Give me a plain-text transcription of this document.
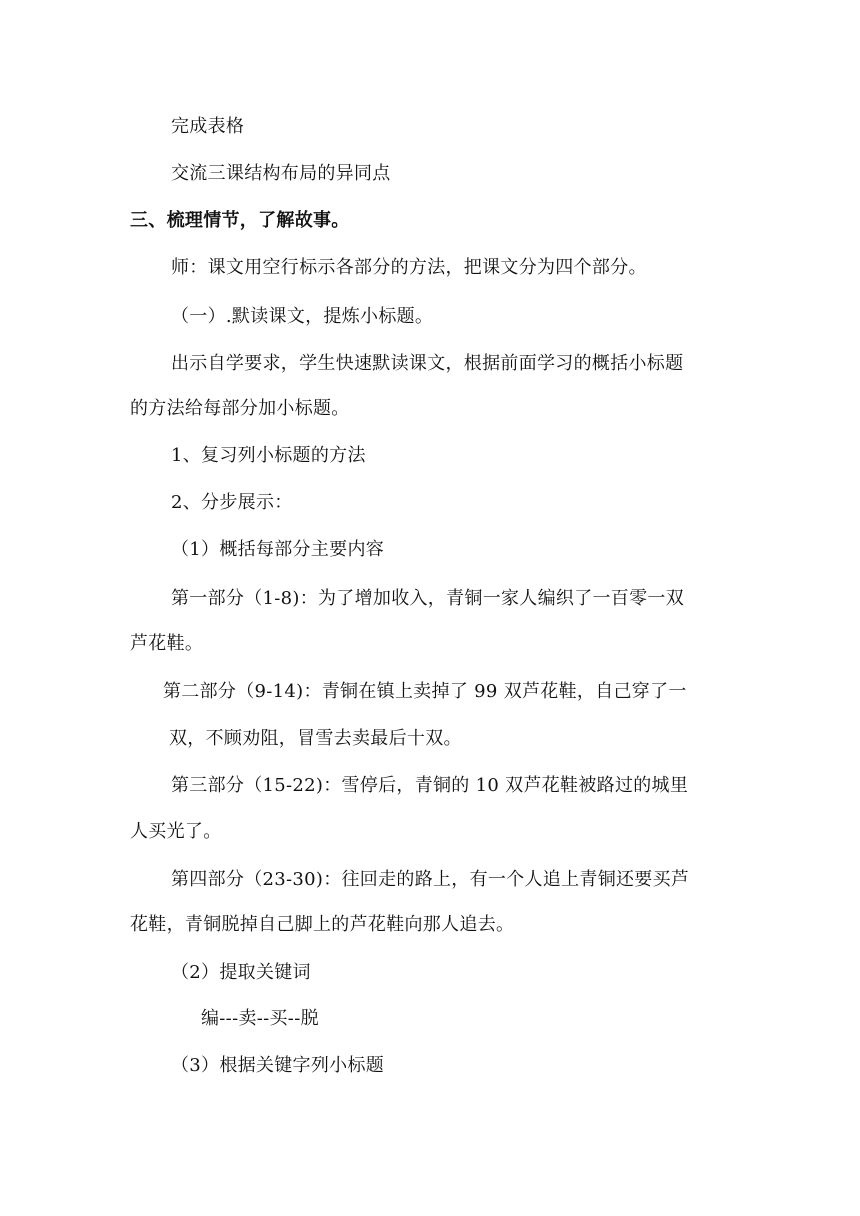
完成表格
交流三课结构布局的异同点
三、梳理情节，了解故事。
师：课文用空行标示各部分的方法，把课文分为四个部分。
（一）.默读课文，提炼小标题。
出示自学要求，学生快速默读课文，根据前面学习的概括小标题
的方法给每部分加小标题。
1、复习列小标题的方法
2、分步展示：
（1）概括每部分主要内容
第一部分（1-8)：为了增加收入，青铜一家人编织了一百零一双
芦花鞋。
第二部分（9-14)：青铜在镇上卖掉了 99 双芦花鞋，自己穿了一
双，不顾劝阻，冒雪去卖最后十双。
第三部分（15-22)：雪停后，青铜的 10 双芦花鞋被路过的城里
人买光了。
第四部分（23-30)：往回走的路上，有一个人追上青铜还要买芦
花鞋，青铜脱掉自己脚上的芦花鞋向那人追去。
（2）提取关键词
编---卖--买--脱
（3）根据关键字列小标题
